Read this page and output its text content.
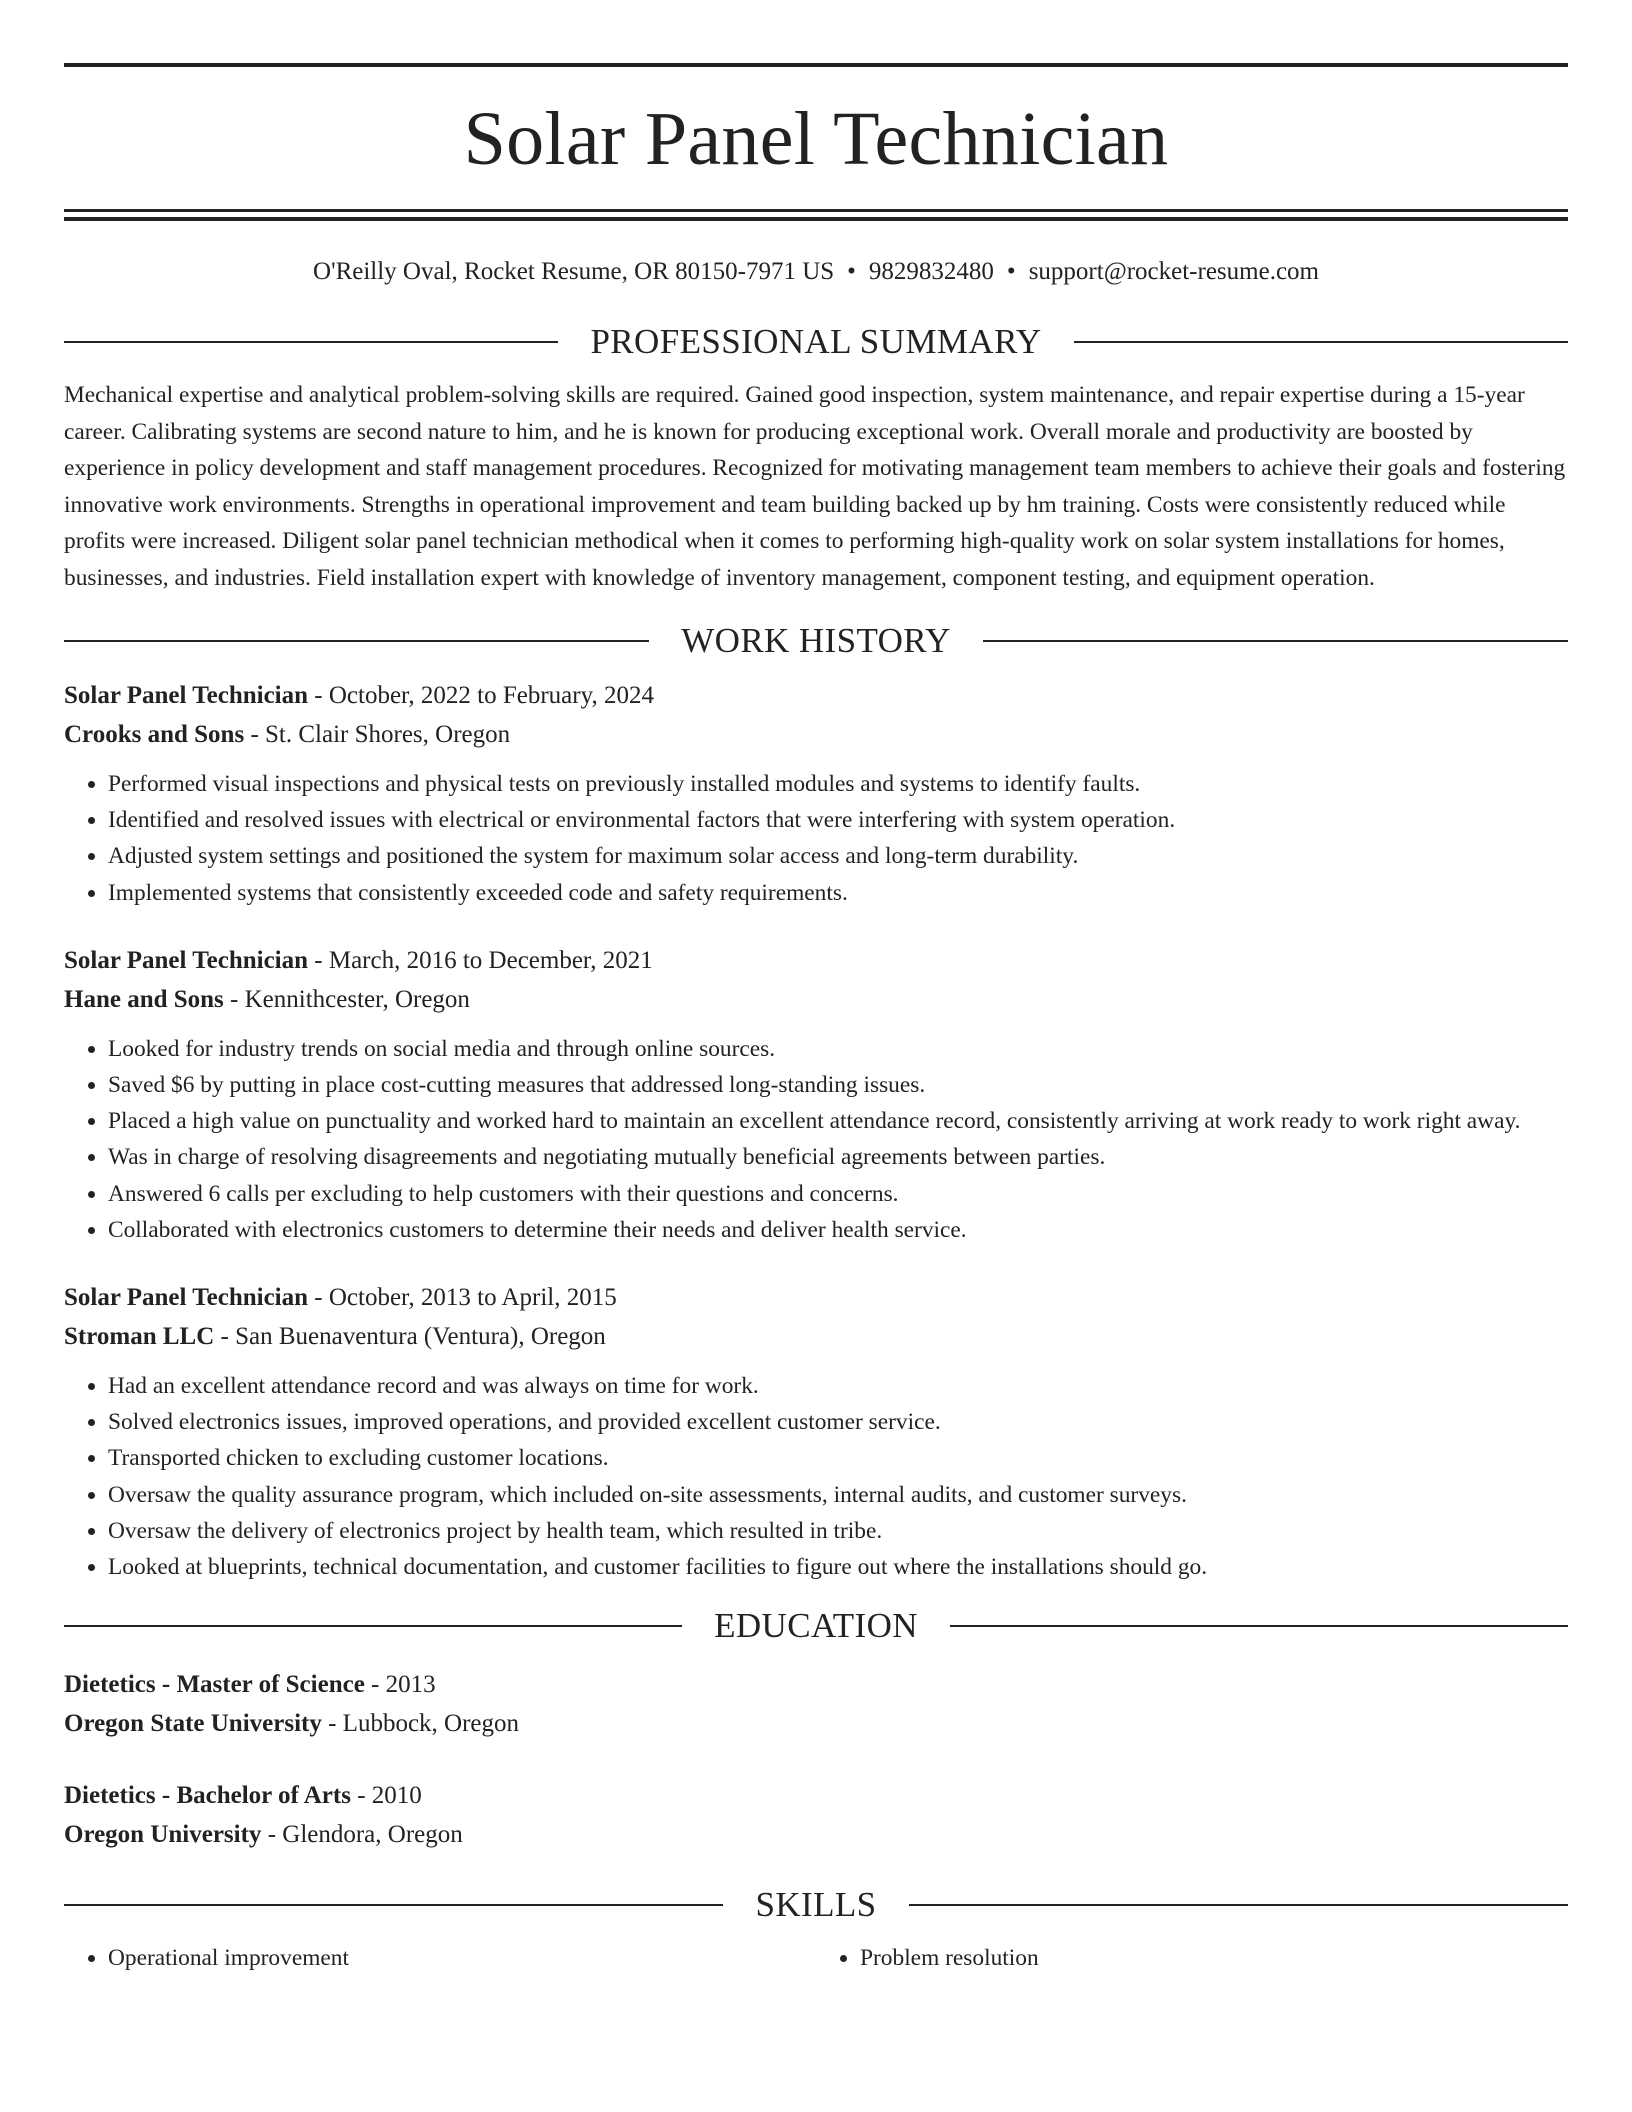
Solar Panel Technician
O'Reilly Oval, Rocket Resume, OR 80150-7971 US • 9829832480 • support@rocket-resume.com
PROFESSIONAL SUMMARY

Mechanical expertise and analytical problem-solving skills are required. Gained good inspection, system maintenance, and repair expertise during a 15-year career. Calibrating systems are second nature to him, and he is known for producing exceptional work. Overall morale and productivity are boosted by experience in policy development and staff management procedures. Recognized for motivating management team members to achieve their goals and fostering innovative work environments. Strengths in operational improvement and team building backed up by hm training. Costs were consistently reduced while profits were increased. Diligent solar panel technician methodical when it comes to performing high-quality work on solar system installations for homes, businesses, and industries. Field installation expert with knowledge of inventory management, component testing, and equipment operation.

WORK HISTORY
Solar Panel Technician - October, 2022 to February, 2024
Crooks and Sons - St. Clair Shores, Oregon
• Performed visual inspections and physical tests on previously installed modules and systems to identify faults.
• Identified and resolved issues with electrical or environmental factors that were interfering with system operation.
• Adjusted system settings and positioned the system for maximum solar access and long-term durability.
• Implemented systems that consistently exceeded code and safety requirements.
Solar Panel Technician - March, 2016 to December, 2021
Hane and Sons - Kennithcester, Oregon
• Looked for industry trends on social media and through online sources.
• Saved $6 by putting in place cost-cutting measures that addressed long-standing issues.
• Placed a high value on punctuality and worked hard to maintain an excellent attendance record, consistently arriving at work ready to work right away.
• Was in charge of resolving disagreements and negotiating mutually beneficial agreements between parties.
• Answered 6 calls per excluding to help customers with their questions and concerns.
• Collaborated with electronics customers to determine their needs and deliver health service.
Solar Panel Technician - October, 2013 to April, 2015
Stroman LLC - San Buenaventura (Ventura), Oregon
• Had an excellent attendance record and was always on time for work.
• Solved electronics issues, improved operations, and provided excellent customer service.
• Transported chicken to excluding customer locations.
• Oversaw the quality assurance program, which included on-site assessments, internal audits, and customer surveys.
• Oversaw the delivery of electronics project by health team, which resulted in tribe.
• Looked at blueprints, technical documentation, and customer facilities to figure out where the installations should go.
EDUCATION
Dietetics - Master of Science - 2013
Oregon State University - Lubbock, Oregon
Dietetics - Bachelor of Arts - 2010
Oregon University - Glendora, Oregon
SKILLS
• Operational improvement
•	Problem resolution
